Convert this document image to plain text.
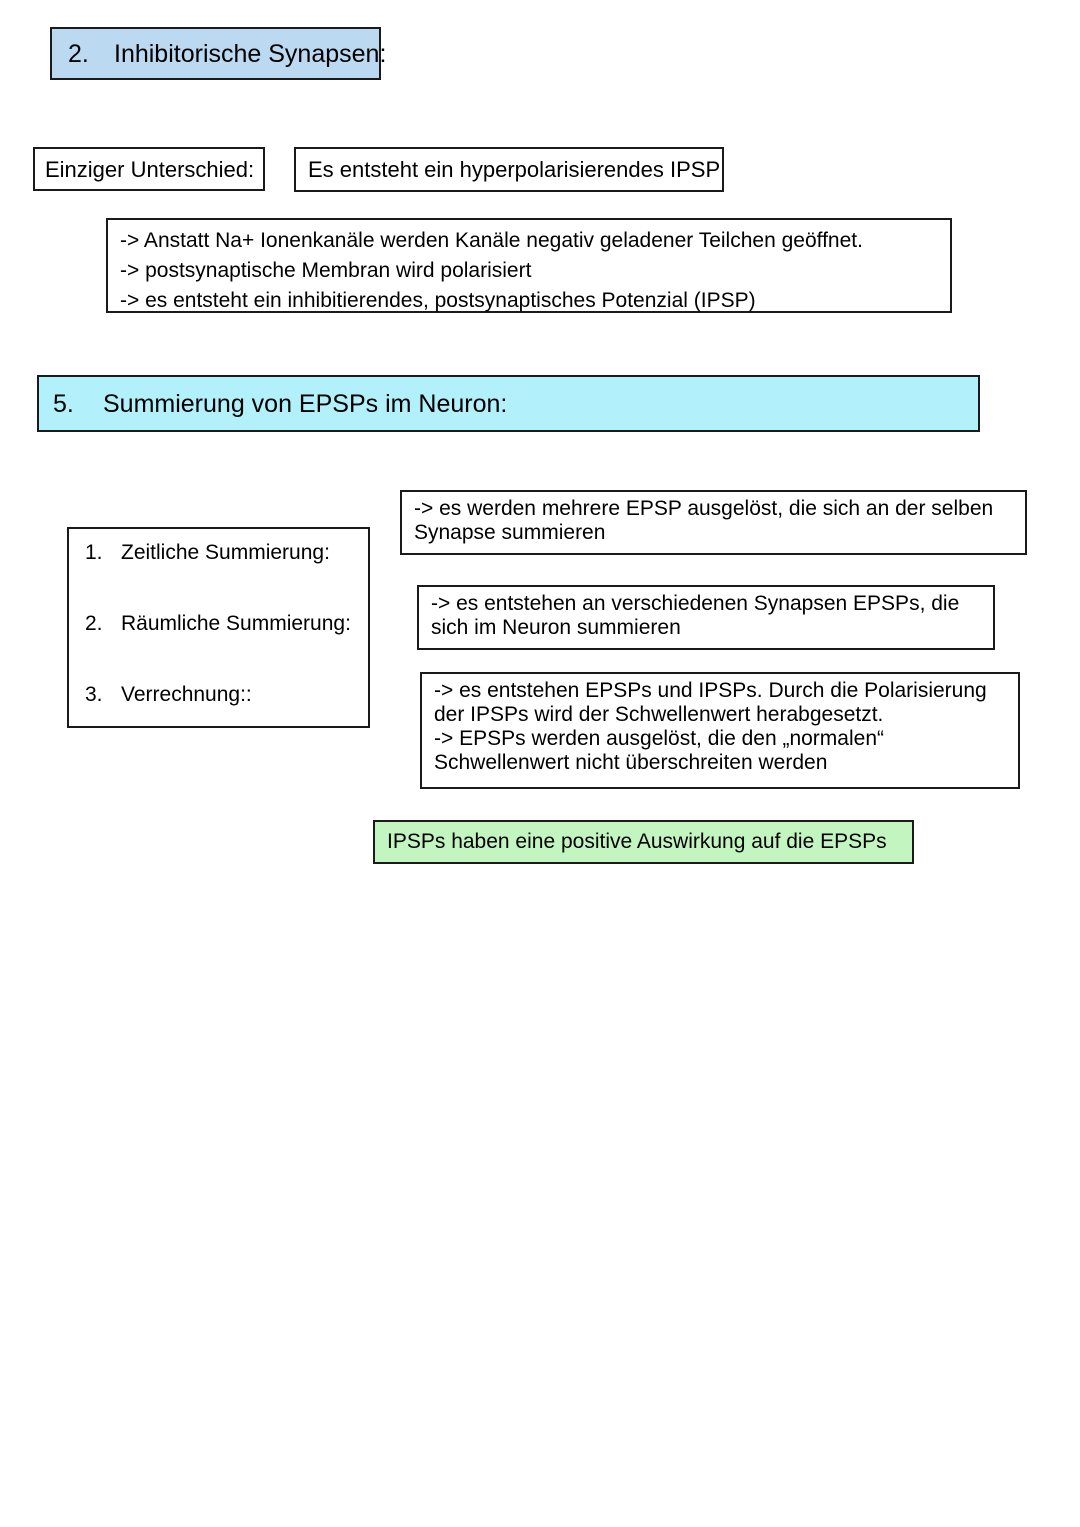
2. Inhibitorische Synapsen:
Einziger Unterschied: Es entsteht ein hyperpolarisierendes IPSP
-> Anstatt Na+ Ionenkanäle werden Kanäle negativ geladener Teilchen geöffnet.
-> postsynaptische Membran wird polarisiert
-> es entsteht ein inhibitierendes, postsynaptisches Potenzial (IPSP)
5. Summierung von EPSPs im Neuron:
1. Zeitliche Summierung:
2. Räumliche Summierung:
3. Verrechnung::
-> es werden mehrere EPSP ausgelöst, die sich an der selben
Synapse summieren
-> es entstehen an verschiedenen Synapsen EPSPs, die
sich im Neuron summieren
-> es entstehen EPSPs und IPSPs. Durch die Polarisierung
der IPSPs wird der Schwellenwert herabgesetzt.
-> EPSPs werden ausgelöst, die den „normalen“
Schwellenwert nicht überschreiten werden
IPSPs haben eine positive Auswirkung auf die EPSPs
